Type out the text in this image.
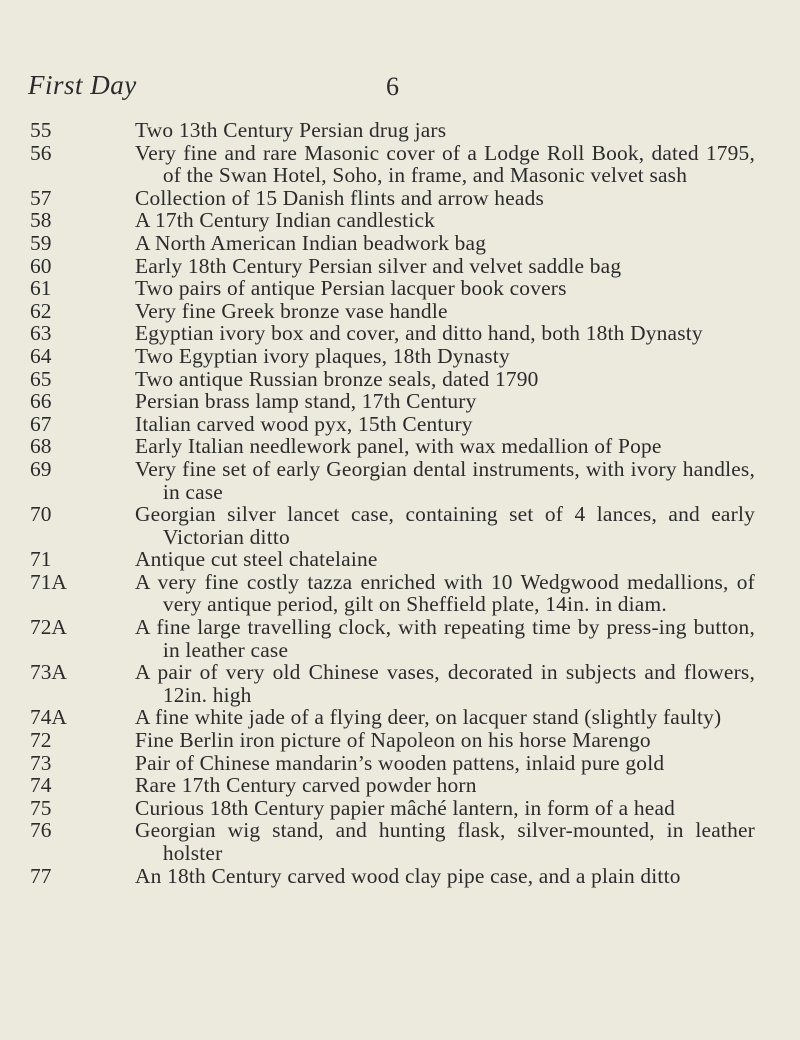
First Day	6
55	Two 13th Century Persian drug jars
56	Very fine and rare Masonic cover of a Lodge Roll Book, dated 1795, of the Swan Hotel, Soho, in frame, and Masonic velvet sash
57	Collection of 15 Danish flints and arrow heads
58	A 17th Century Indian candlestick
59	A North American Indian beadwork bag
60	Early 18th Century Persian silver and velvet saddle bag
61	Two pairs of antique Persian lacquer book covers
62	Very fine Greek bronze vase handle
63	Egyptian ivory box and cover, and ditto hand, both 18th Dynasty
64	Two Egyptian ivory plaques, 18th Dynasty
65	Two antique Russian bronze seals, dated 1790
66	Persian brass lamp stand, 17th Century
67	Italian carved wood pyx, 15th Century
68	Early Italian needlework panel, with wax medallion of Pope
69	Very fine set of early Georgian dental instruments, with ivory handles, in case
70	Georgian silver lancet case, containing set of 4 lances, and early Victorian ditto
71	Antique cut steel chatelaine
71A	A very fine costly tazza enriched with 10 Wedgwood medallions, of very antique period, gilt on Sheffield plate, 14in. in diam.
72A	A fine large travelling clock, with repeating time by press-ing button, in leather case
73A	A pair of very old Chinese vases, decorated in subjects and flowers, 12in. high
74A	A fine white jade of a flying deer, on lacquer stand (slightly faulty)
72	Fine Berlin iron picture of Napoleon on his horse Marengo
73	Pair of Chinese mandarin’s wooden pattens, inlaid pure gold
74	Rare 17th Century carved powder horn
75	Curious 18th Century papier mâché lantern, in form of a head
76	Georgian wig stand, and hunting flask, silver-mounted, in leather holster
77	An 18th Century carved wood clay pipe case, and a plain ditto
